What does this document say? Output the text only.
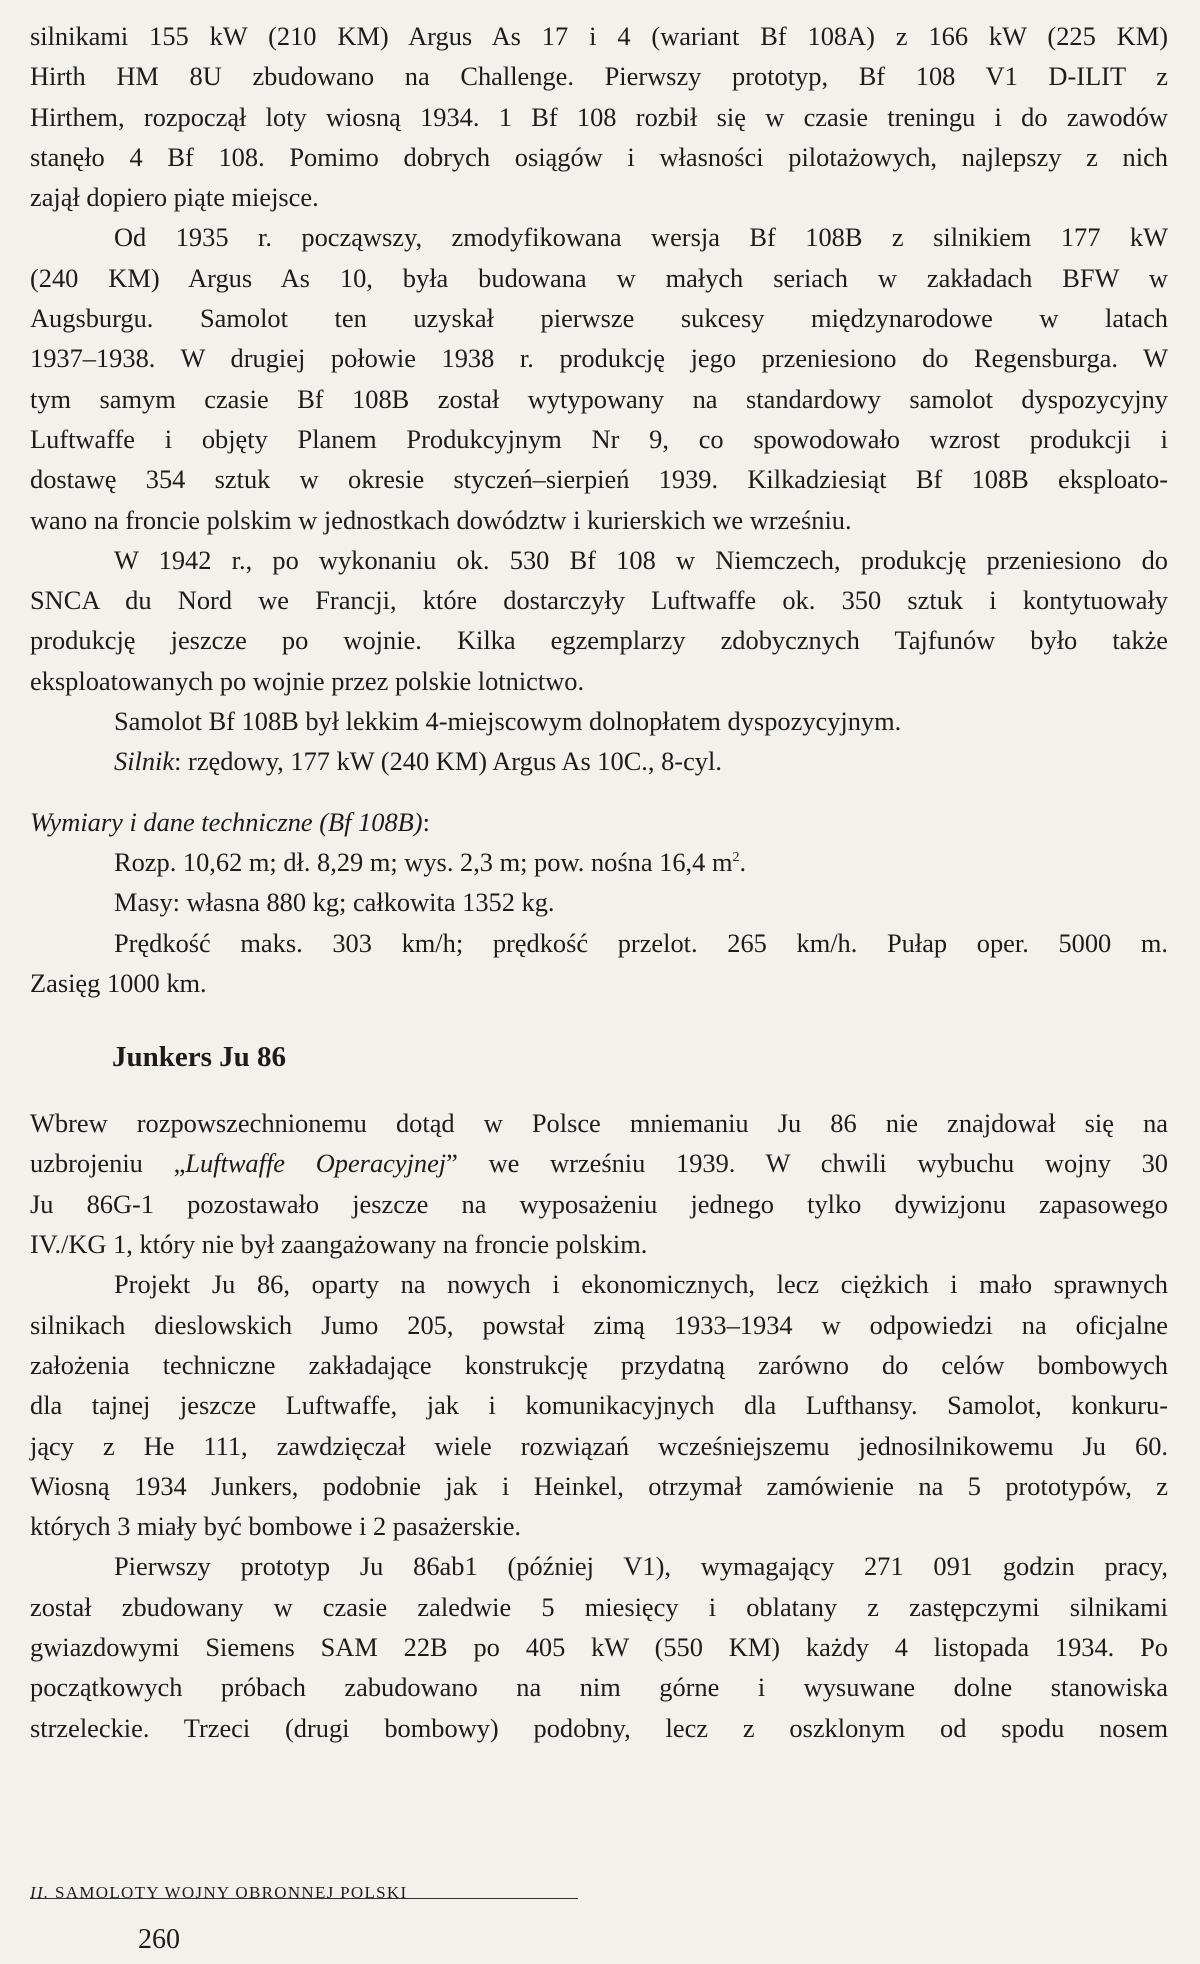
silnikami 155 kW (210 KM) Argus As 17 i 4 (wariant Bf 108A) z 166 kW (225 KM)
Hirth HM 8U zbudowano na Challenge. Pierwszy prototyp, Bf 108 V1 D-ILIT z
Hirthem, rozpoczął loty wiosną 1934. 1 Bf 108 rozbił się w czasie treningu i do zawodów
stanęło 4 Bf 108. Pomimo dobrych osiągów i własności pilotażowych, najlepszy z nich
zajął dopiero piąte miejsce.
Od 1935 r. począwszy, zmodyfikowana wersja Bf 108B z silnikiem 177 kW
(240 KM) Argus As 10, była budowana w małych seriach w zakładach BFW w
Augsburgu. Samolot ten uzyskał pierwsze sukcesy międzynarodowe w latach
1937–1938. W drugiej połowie 1938 r. produkcję jego przeniesiono do Regensburga. W
tym samym czasie Bf 108B został wytypowany na standardowy samolot dyspozycyjny
Luftwaffe i objęty Planem Produkcyjnym Nr 9, co spowodowało wzrost produkcji i
dostawę 354 sztuk w okresie styczeń–sierpień 1939. Kilkadziesiąt Bf 108B eksploato-
wano na froncie polskim w jednostkach dowództw i kurierskich we wrześniu.
W 1942 r., po wykonaniu ok. 530 Bf 108 w Niemczech, produkcję przeniesiono do
SNCA du Nord we Francji, które dostarczyły Luftwaffe ok. 350 sztuk i kontytuowały
produkcję jeszcze po wojnie. Kilka egzemplarzy zdobycznych Tajfunów było także
eksploatowanych po wojnie przez polskie lotnictwo.
Samolot Bf 108B był lekkim 4-miejscowym dolnopłatem dyspozycyjnym.
Silnik: rzędowy, 177 kW (240 KM) Argus As 10C., 8-cyl.
Wymiary i dane techniczne (Bf 108B):
Rozp. 10,62 m; dł. 8,29 m; wys. 2,3 m; pow. nośna 16,4 $m^2$.
Masy: własna 880 kg; całkowita 1352 kg.
Prędkość maks. 303 km/h; prędkość przelot. 265 km/h. Pułap oper. 5000 m.
Zasięg 1000 km.
Junkers Ju 86
Wbrew rozpowszechnionemu dotąd w Polsce mniemaniu Ju 86 nie znajdował się na
uzbrojeniu „Luftwaffe Operacyjnej” we wrześniu 1939. W chwili wybuchu wojny 30
Ju 86G-1 pozostawało jeszcze na wyposażeniu jednego tylko dywizjonu zapasowego
IV./KG 1, który nie był zaangażowany na froncie polskim.
Projekt Ju 86, oparty na nowych i ekonomicznych, lecz ciężkich i mało sprawnych
silnikach dieslowskich Jumo 205, powstał zimą 1933–1934 w odpowiedzi na oficjalne
założenia techniczne zakładające konstrukcję przydatną zarówno do celów bombowych
dla tajnej jeszcze Luftwaffe, jak i komunikacyjnych dla Lufthansy. Samolot, konkuru-
jący z He 111, zawdzięczał wiele rozwiązań wcześniejszemu jednosilnikowemu Ju 60.
Wiosną 1934 Junkers, podobnie jak i Heinkel, otrzymał zamówienie na 5 prototypów, z
których 3 miały być bombowe i 2 pasażerskie.
Pierwszy prototyp Ju 86ab1 (później V1), wymagający 271 091 godzin pracy,
został zbudowany w czasie zaledwie 5 miesięcy i oblatany z zastępczymi silnikami
gwiazdowymi Siemens SAM 22B po 405 kW (550 KM) każdy 4 listopada 1934. Po
początkowych próbach zabudowano na nim górne i wysuwane dolne stanowiska
strzeleckie. Trzeci (drugi bombowy) podobny, lecz z oszklonym od spodu nosem
II. SAMOLOTY WOJNY OBRONNEJ POLSKI
260
